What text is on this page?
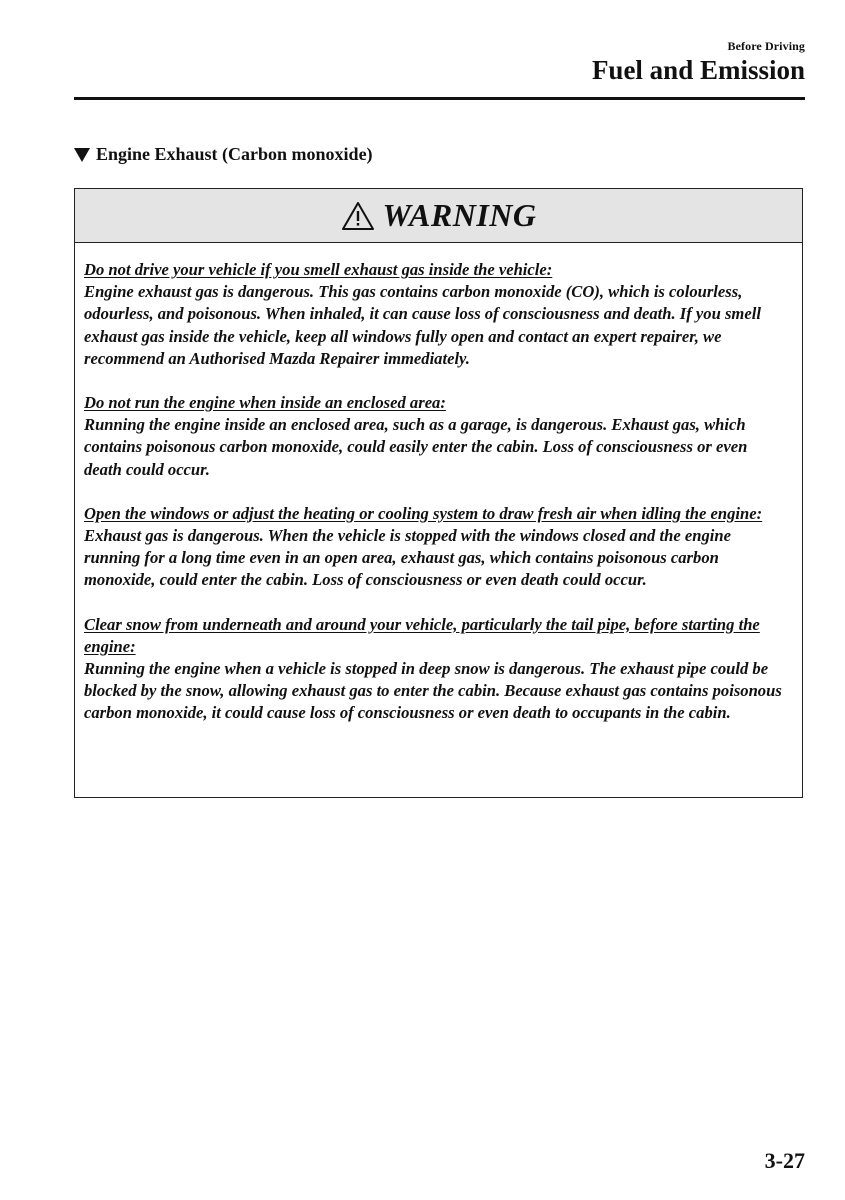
Before Driving
Fuel and Emission
Engine Exhaust (Carbon monoxide)
WARNING
Do not drive your vehicle if you smell exhaust gas inside the vehicle:
Engine exhaust gas is dangerous. This gas contains carbon monoxide (CO), which is colourless, odourless, and poisonous. When inhaled, it can cause loss of consciousness and death. If you smell exhaust gas inside the vehicle, keep all windows fully open and contact an expert repairer, we recommend an Authorised Mazda Repairer immediately.
Do not run the engine when inside an enclosed area:
Running the engine inside an enclosed area, such as a garage, is dangerous. Exhaust gas, which contains poisonous carbon monoxide, could easily enter the cabin. Loss of consciousness or even death could occur.
Open the windows or adjust the heating or cooling system to draw fresh air when idling the engine:
Exhaust gas is dangerous. When the vehicle is stopped with the windows closed and the engine running for a long time even in an open area, exhaust gas, which contains poisonous carbon monoxide, could enter the cabin. Loss of consciousness or even death could occur.
Clear snow from underneath and around your vehicle, particularly the tail pipe, before starting the engine:
Running the engine when a vehicle is stopped in deep snow is dangerous. The exhaust pipe could be blocked by the snow, allowing exhaust gas to enter the cabin. Because exhaust gas contains poisonous carbon monoxide, it could cause loss of consciousness or even death to occupants in the cabin.
3-27
